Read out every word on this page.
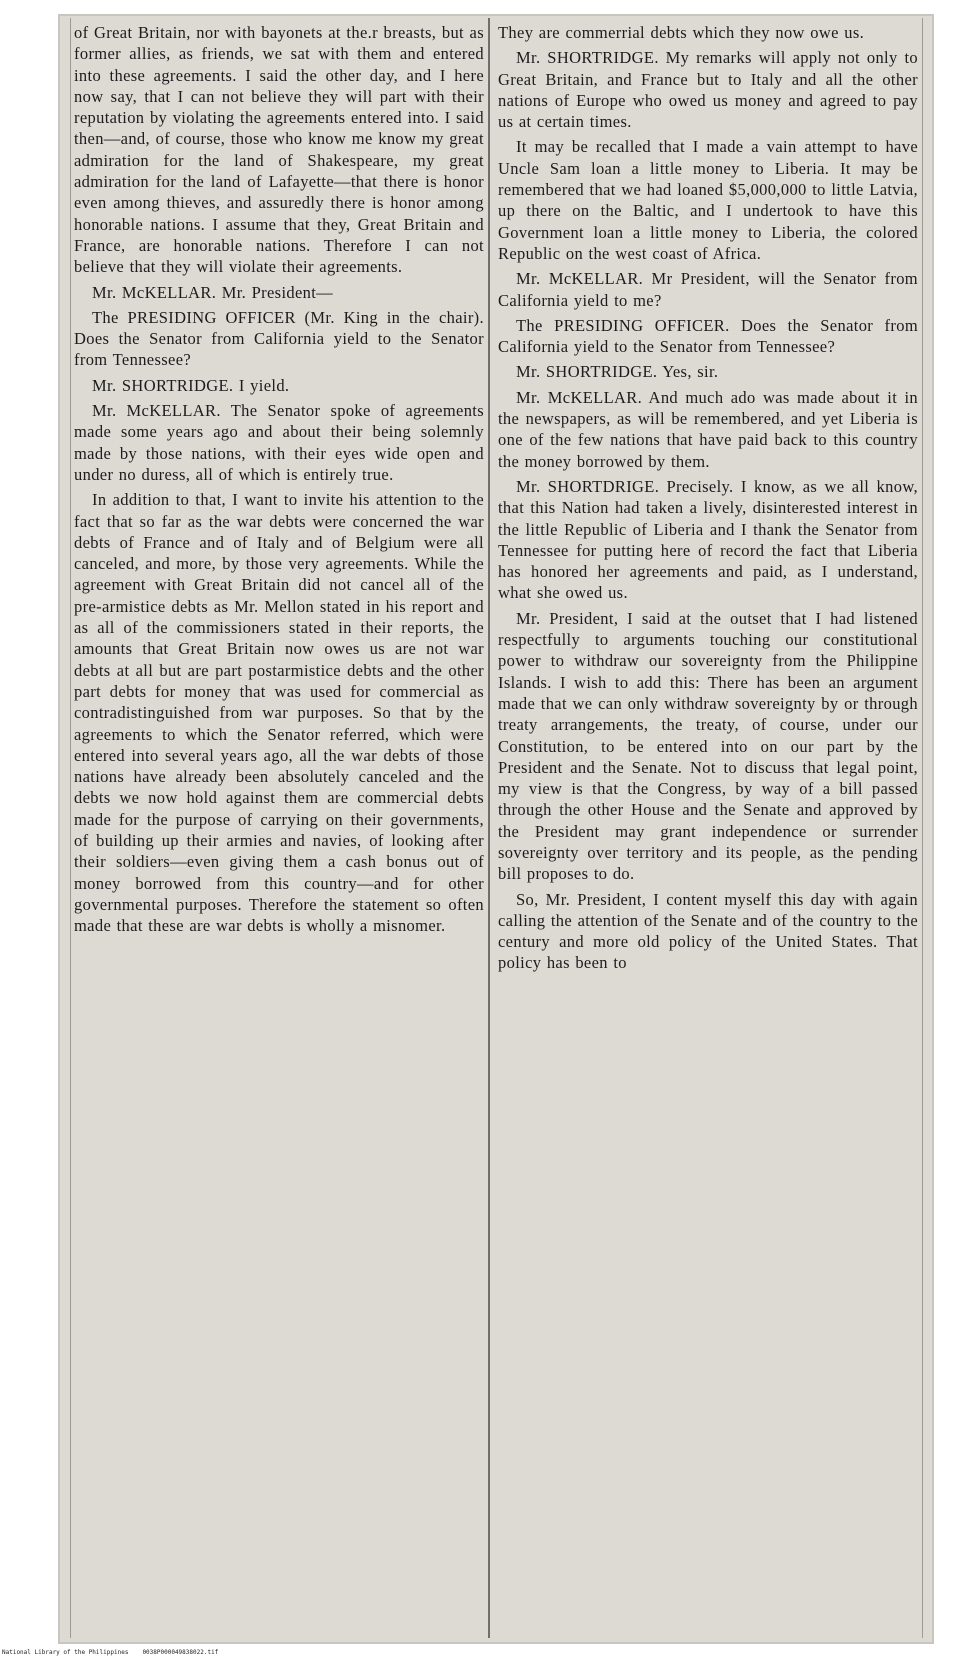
of Great Britain, nor with bayonets at the.r breasts, but as former allies, as friends, we sat with them and entered into these agreements. I said the other day, and I here now say, that I can not believe they will part with their reputation by violating the agreements entered into. I said then—and, of course, those who know me know my great admiration for the land of Shakespeare, my great admiration for the land of Lafayette—that there is honor even among thieves, and assuredly there is honor among honorable nations. I assume that they, Great Britain and France, are honorable nations. Therefore I can not believe that they will violate their agreements.

Mr. McKELLAR. Mr. President—

The PRESIDING OFFICER (Mr. King in the chair). Does the Senator from California yield to the Senator from Tennessee?

Mr. SHORTRIDGE. I yield.

Mr. McKELLAR. The Senator spoke of agreements made some years ago and about their being solemnly made by those nations, with their eyes wide open and under no duress, all of which is entirely true.

In addition to that, I want to invite his attention to the fact that so far as the war debts were concerned the war debts of France and of Italy and of Belgium were all canceled, and more, by those very agreements. While the agreement with Great Britain did not cancel all of the pre-armistice debts as Mr. Mellon stated in his report and as all of the commissioners stated in their reports, the amounts that Great Britain now owes us are not war debts at all but are part postarmistice debts and the other part debts for money that was used for commercial as contradistinguished from war purposes. So that by the agreements to which the Senator referred, which were entered into several years ago, all the war debts of those nations have already been absolutely canceled and the debts we now hold against them are commercial debts made for the purpose of carrying on their governments, of building up their armies and navies, of looking after their soldiers—even giving them a cash bonus out of money borrowed from this country—and for other governmental purposes. Therefore the statement so often made that these are war debts is wholly a misnomer.

They are commerrial debts which they now owe us.

Mr. SHORTRIDGE. My remarks will apply not only to Great Britain, and France but to Italy and all the other nations of Europe who owed us money and agreed to pay us at certain times.

It may be recalled that I made a vain attempt to have Uncle Sam loan a little money to Liberia. It may be remembered that we had loaned $5,000,000 to little Latvia, up there on the Baltic, and I undertook to have this Government loan a little money to Liberia, the colored Republic on the west coast of Africa.

Mr. McKELLAR. Mr President, will the Senator from California yield to me?

The PRESIDING OFFICER. Does the Senator from California yield to the Senator from Tennessee?

Mr. SHORTRIDGE. Yes, sir.

Mr. McKELLAR. And much ado was made about it in the newspapers, as will be remembered, and yet Liberia is one of the few nations that have paid back to this country the money borrowed by them.

Mr. SHORTDRIGE. Precisely. I know, as we all know, that this Nation had taken a lively, disinterested interest in the little Republic of Liberia and I thank the Senator from Tennessee for putting here of record the fact that Liberia has honored her agreements and paid, as I understand, what she owed us.

Mr. President, I said at the outset that I had listened respectfully to arguments touching our constitutional power to withdraw our sovereignty from the Philippine Islands. I wish to add this: There has been an argument made that we can only withdraw sovereignty by or through treaty arrangements, the treaty, of course, under our Constitution, to be entered into on our part by the President and the Senate. Not to discuss that legal point, my view is that the Congress, by way of a bill passed through the other House and the Senate and approved by the President may grant independence or surrender sovereignty over territory and its people, as the pending bill proposes to do.

So, Mr. President, I content myself this day with again calling the attention of the Senate and of the country to the century and more old policy of the United States. That policy has been to

National Library of the Philippines 0038P000049838022.tif
